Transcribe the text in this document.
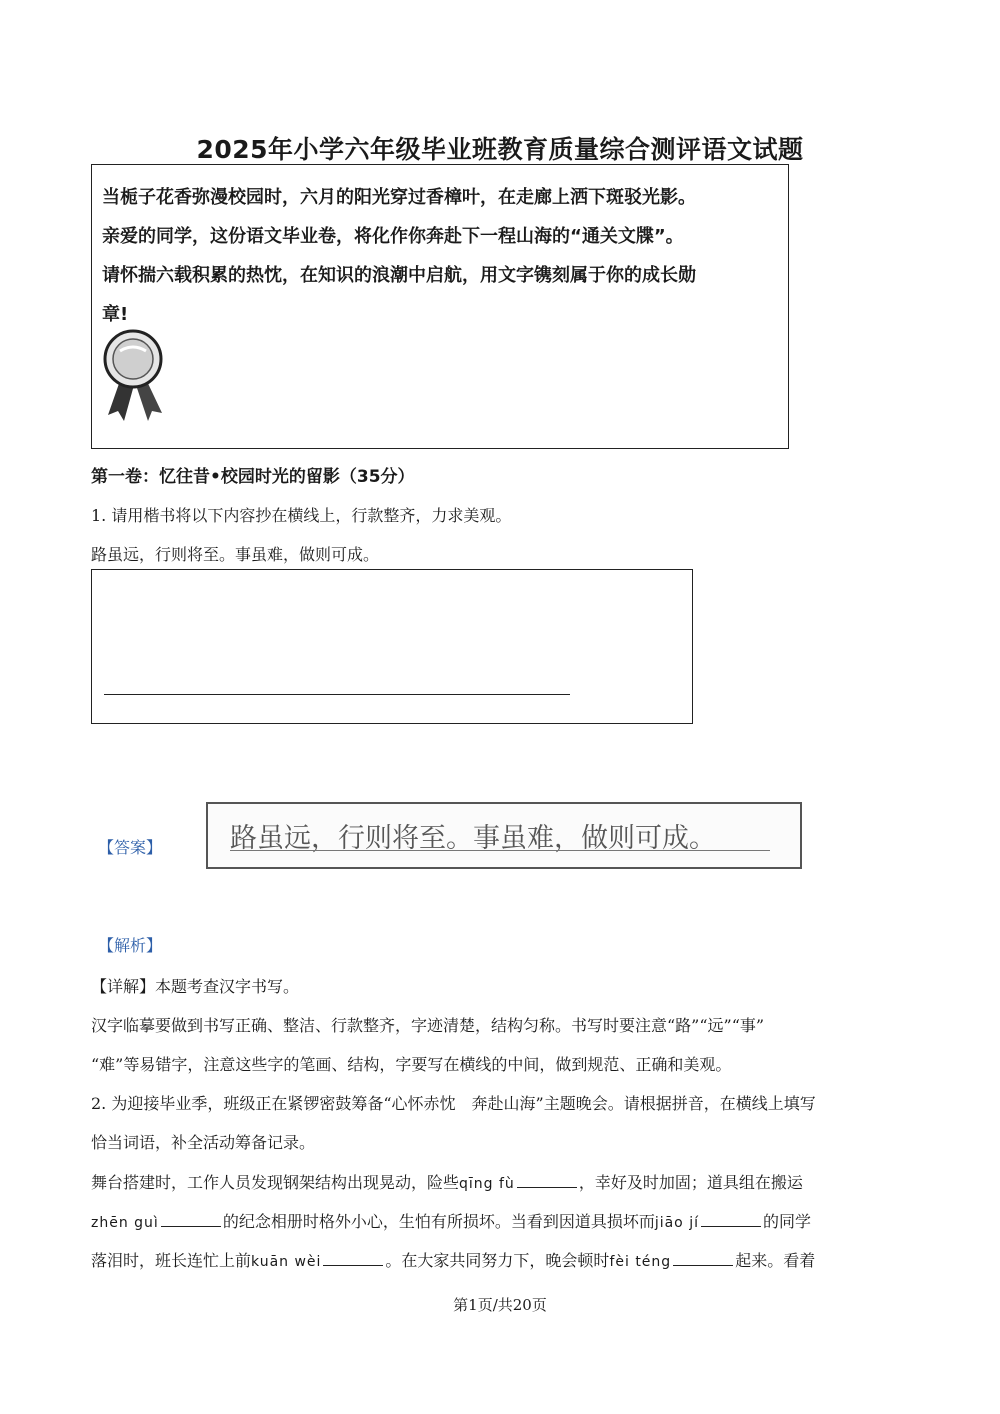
2025年小学六年级毕业班教育质量综合测评语文试题
当栀子花香弥漫校园时，六月的阳光穿过香樟叶，在走廊上洒下斑驳光影。
亲爱的同学，这份语文毕业卷，将化作你奔赴下一程山海的“通关文牒”。
请怀揣六载积累的热忱，在知识的浪潮中启航，用文字镌刻属于你的成长勋
章!
第一卷：忆往昔•校园时光的留影（35分）
1. 请用楷书将以下内容抄在横线上，行款整齐，力求美观。
路虽远，行则将至。事虽难，做则可成。
【答案】	路虽远，行则将至。事虽难，做则可成。
【解析】
【详解】本题考查汉字书写。
汉字临摹要做到书写正确、整洁、行款整齐，字迹清楚，结构匀称。书写时要注意“路”“远”“事”
“难”等易错字，注意这些字的笔画、结构，字要写在横线的中间，做到规范、正确和美观。
2. 为迎接毕业季，班级正在紧锣密鼓筹备“心怀赤忱　奔赴山海”主题晚会。请根据拼音，在横线上填写
恰当词语，补全活动筹备记录。
舞台搭建时，工作人员发现钢架结构出现晃动，险些qīng fù	，幸好及时加固；道具组在搬运
zhēn guì	的纪念相册时格外小心，生怕有所损坏。当看到因道具损坏而jiāo jí	的同学
落泪时，班长连忙上前kuān wèi	。在大家共同努力下，晚会顿时fèi téng	起来。看着
第1页/共20页
